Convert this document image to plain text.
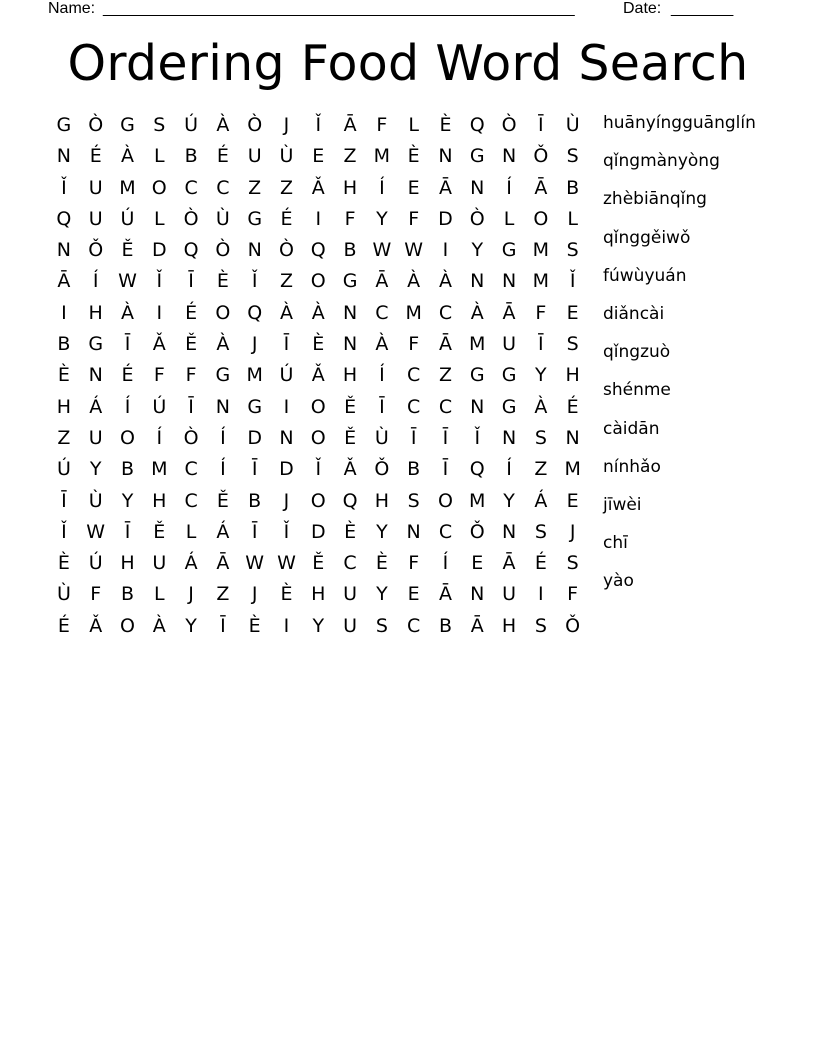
Name: _____________________________________________________	Date: _______
Ordering Food Word Search
G Ò G S Ú À Ò	J	Ǐ	Ā	F	L	È Q Ò	Ī	Ù
N É	À	L	B	É U Ù E	Z M È N G N Ǒ S
Ǐ	U M O C C Z Z Ǎ H	Í	E	Ā N	Í	Ā B
Q U Ú	L	Ò Ù G É	I	F	Y	F	D Ò	L	O	L
N Ǒ Ě D Q Ò N Ò Q B W W	I	Y G M S
Ā	Í	W	Ǐ	Ī	È	Ǐ	Z O G Ā À À N N M	Ǐ
I	H À	I	É O Q À À N C M C À Ā	F	E
B G	Ī	Ǎ	Ě	À	J	Ī	È N À	F	Ā M U	Ī	S
È N É	F	F G M Ú Ǎ H	Í	C Z G G Y H
H Á	Í	Ú	Ī	N G	I	O Ě	Ī	C C N G À	É
Z U O	Í	Ò	Í	D N O Ě Ù	Ī	Ī	Ǐ	N S N
Ú	Y	B M C	Í	Ī	D	Ǐ	Ǎ Ǒ B	Ī	Q	Í	Z M
Ī	Ù	Y H C	Ě	B	J	O Q H S O M Y	Á	E
Ǐ	W	Ī	Ě	L	Á	Ī	Ǐ	D È	Y N C Ǒ N S	J
È Ú H U Á Ā W W Ě	C	È	F	Í	E	Ā	É	S
Ù	F	B	L	J	Z	J	È H U	Y	E	Ā N U	I	F
É	Ǎ O À	Y	Ī	È	I	Y	U S	C B Ā H S Ǒ
huānyíngguānglín
qǐngmànyòng
zhèbiānqǐng
qǐnggěiwǒ
fúwùyuán
diǎncài
qǐngzuò
shénme
càidān
nínhǎo
jīwèi
chī
yào
